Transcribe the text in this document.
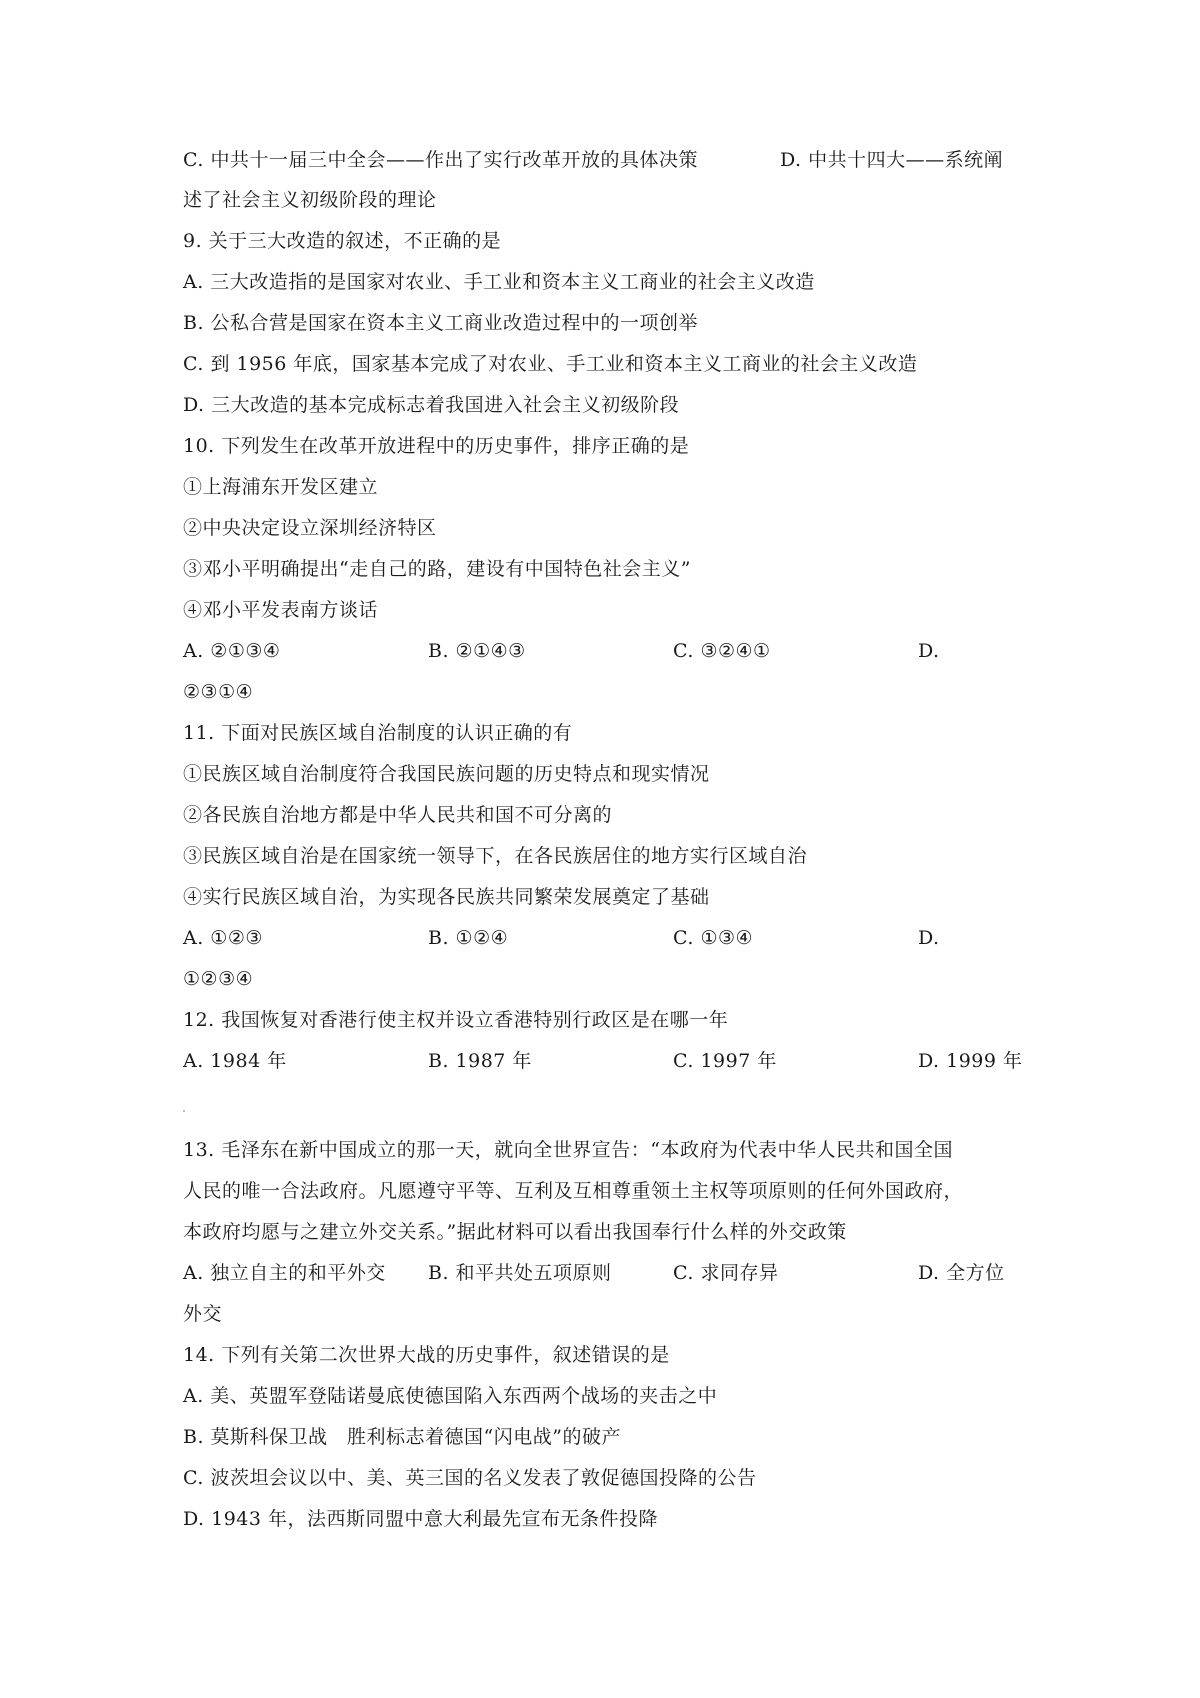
C. 中共十一届三中全会——作出了实行改革开放的具体决策	D. 中共十四大——系统阐
述了社会主义初级阶段的理论
9. 关于三大改造的叙述，不正确的是
A. 三大改造指的是国家对农业、手工业和资本主义工商业的社会主义改造
B. 公私合营是国家在资本主义工商业改造过程中的一项创举
C. 到 1956 年底，国家基本完成了对农业、手工业和资本主义工商业的社会主义改造
D. 三大改造的基本完成标志着我国进入社会主义初级阶段
10. 下列发生在改革开放进程中的历史事件，排序正确的是
①上海浦东开发区建立
②中央决定设立深圳经济特区
③邓小平明确提出“走自己的路，建设有中国特色社会主义”
④邓小平发表南方谈话
A. ②①③④	B. ②①④③	C. ③②④①	D.
②③①④
11. 下面对民族区域自治制度的认识正确的有
①民族区域自治制度符合我国民族问题的历史特点和现实情况
②各民族自治地方都是中华人民共和国不可分离的
③民族区域自治是在国家统一领导下，在各民族居住的地方实行区域自治
④实行民族区域自治，为实现各民族共同繁荣发展奠定了基础
A. ①②③	B. ①②④	C. ①③④	D.
①②③④
12. 我国恢复对香港行使主权并设立香港特别行政区是在哪一年
A. 1984 年	B. 1987 年	C. 1997 年	D. 1999 年
13. 毛泽东在新中国成立的那一天，就向全世界宣告：“本政府为代表中华人民共和国全国
人民的唯一合法政府。凡愿遵守平等、互利及互相尊重领土主权等项原则的任何外国政府，
本政府均愿与之建立外交关系。”据此材料可以看出我国奉行什么样的外交政策
A. 独立自主的和平外交 B. 和平共处五项原则	C. 求同存异	D. 全方位
外交
14. 下列有关第二次世界大战的历史事件，叙述错误的是
A. 美、英盟军登陆诺曼底使德国陷入东西两个战场的夹击之中
B. 莫斯科保卫战　胜利标志着德国“闪电战”的破产
C. 波茨坦会议以中、美、英三国的名义发表了敦促德国投降的公告
D. 1943 年，法西斯同盟中意大利最先宣布无条件投降
